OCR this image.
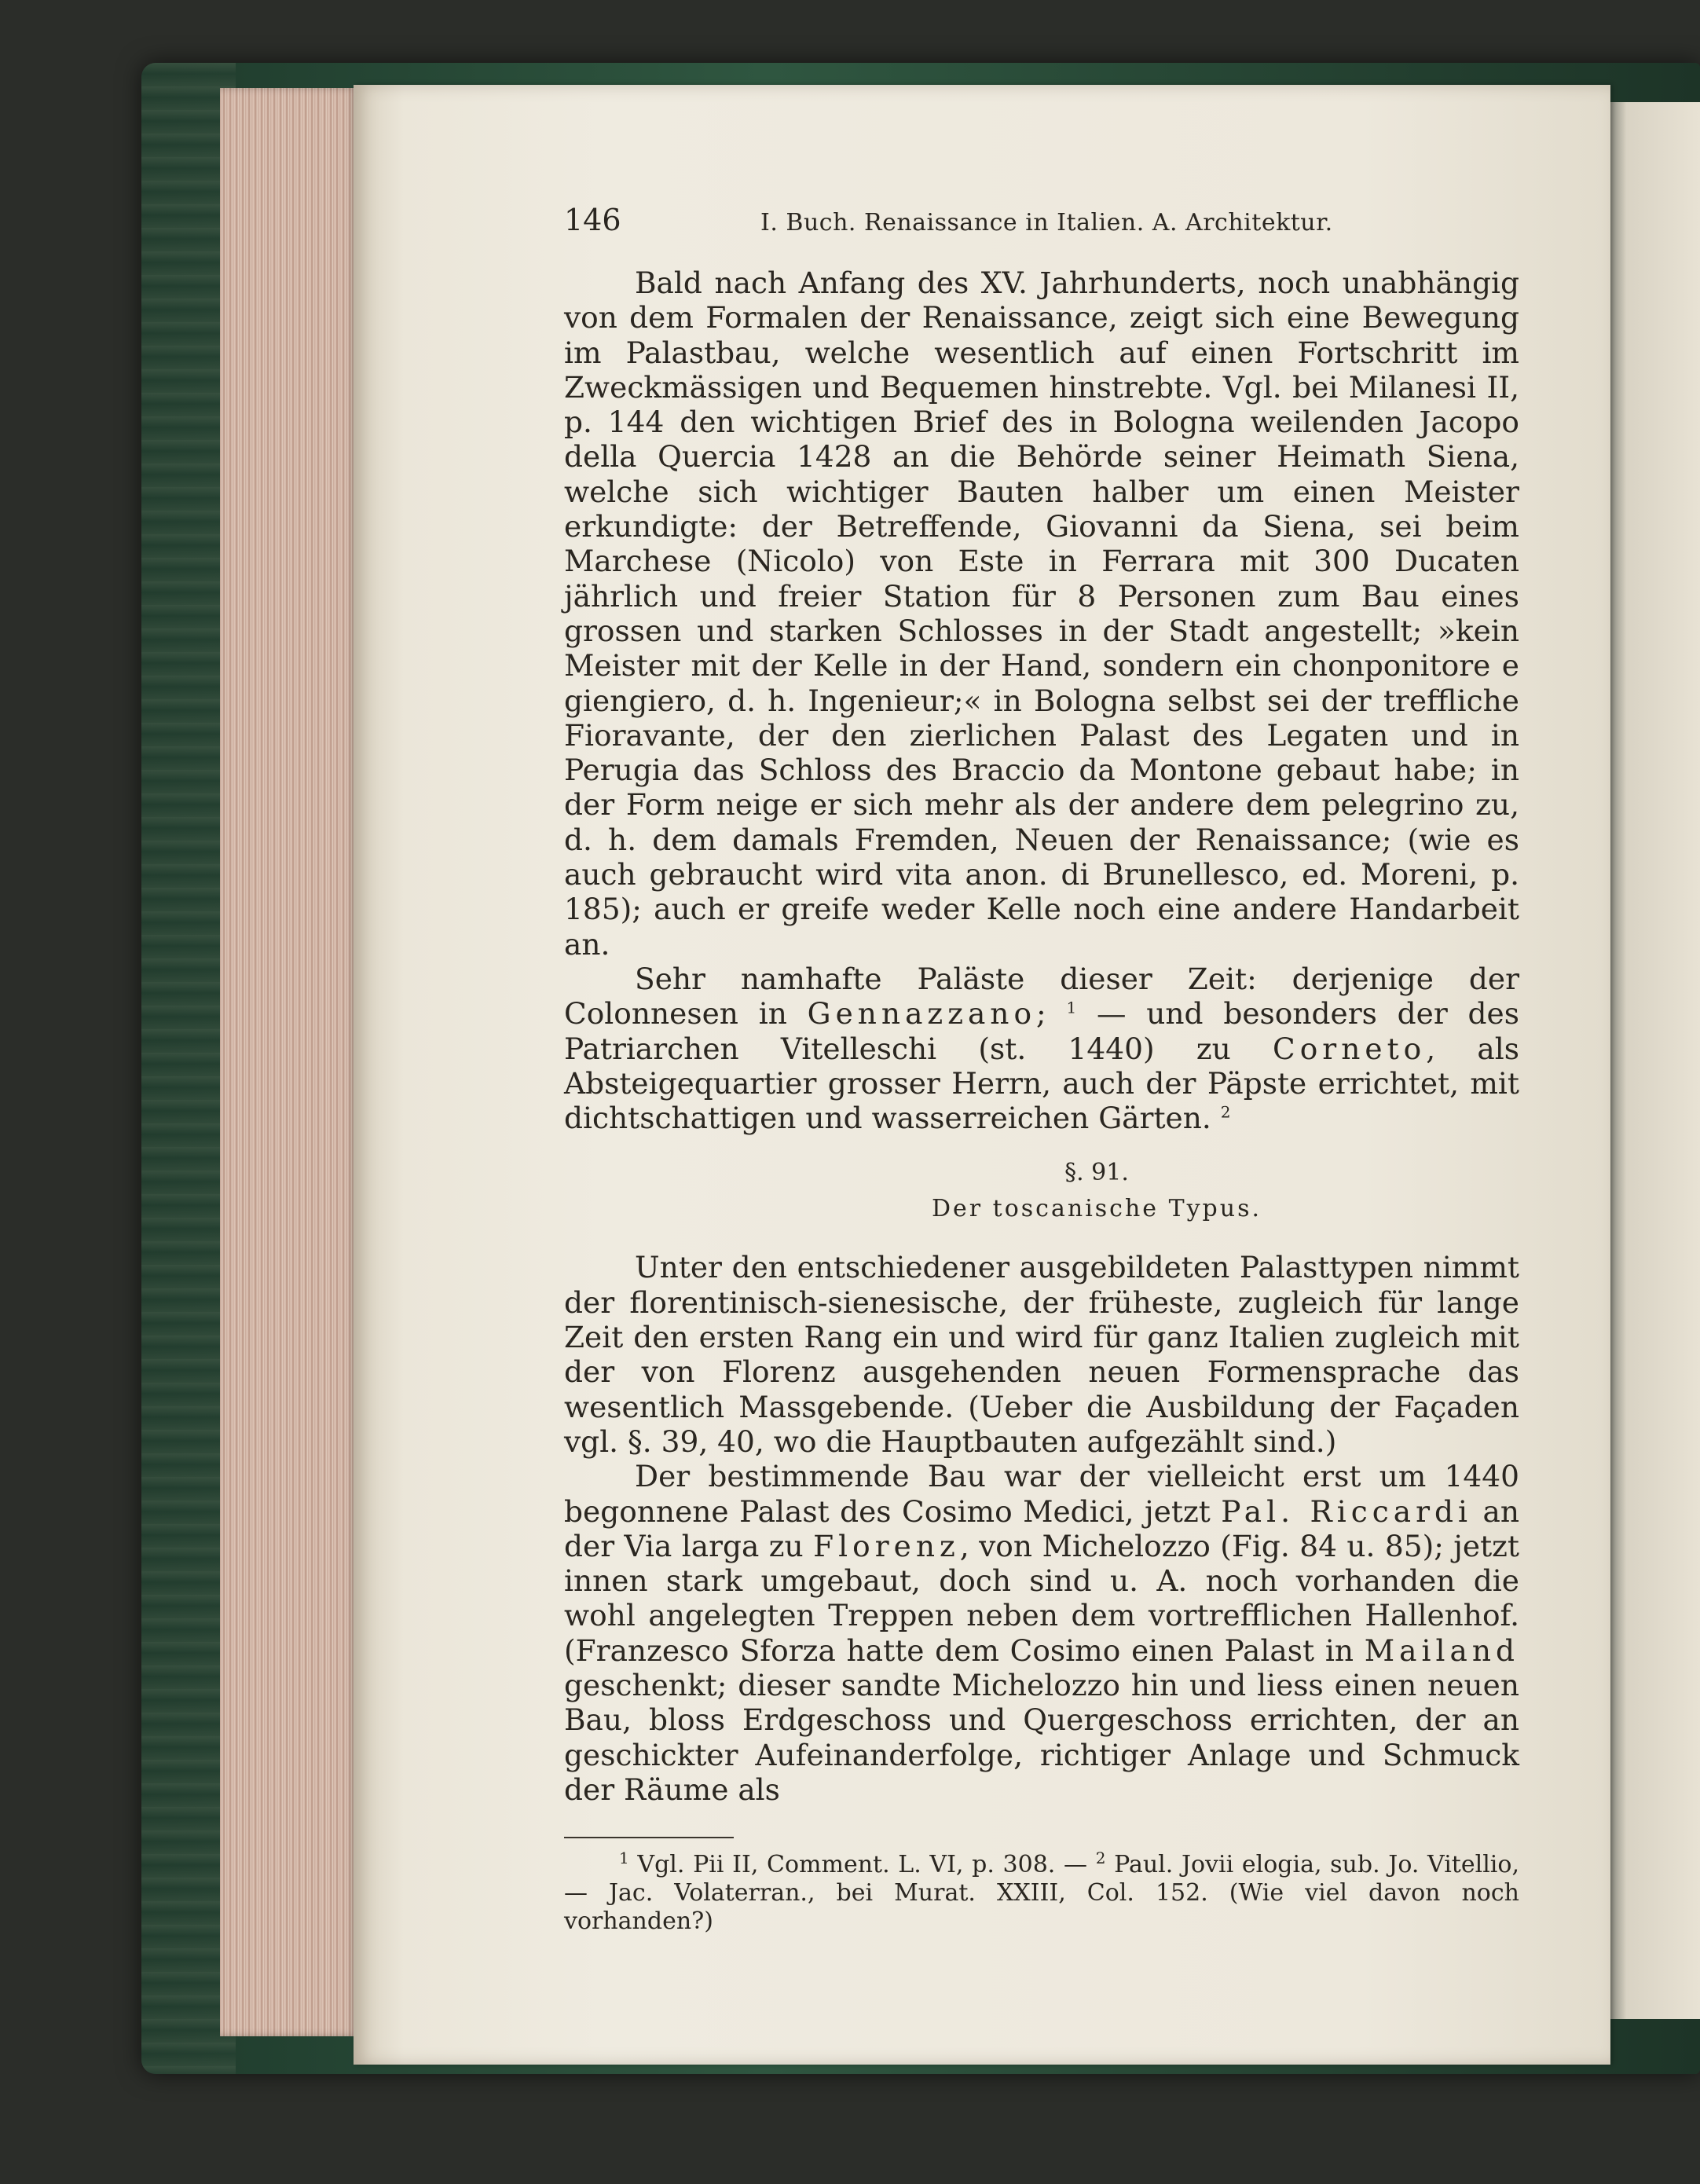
146	I. Buch. Renaissance in Italien. A. Architektur.

Bald nach Anfang des XV. Jahrhunderts, noch unabhängig von dem Formalen der Renaissance, zeigt sich eine Bewegung im Palastbau, welche wesentlich auf einen Fortschritt im Zweckmässigen und Bequemen hinstrebte. Vgl. bei Milanesi II, p. 144 den wichtigen Brief des in Bologna weilenden Jacopo della Quercia 1428 an die Behörde seiner Heimath Siena, welche sich wichtiger Bauten halber um einen Meister erkundigte: der Betreffende, Giovanni da Siena, sei beim Marchese (Nicolo) von Este in Ferrara mit 300 Ducaten jährlich und freier Station für 8 Personen zum Bau eines grossen und starken Schlosses in der Stadt angestellt; »kein Meister mit der Kelle in der Hand, sondern ein chonponitore e giengiero, d. h. Ingenieur;« in Bologna selbst sei der treffliche Fioravante, der den zierlichen Palast des Legaten und in Perugia das Schloss des Braccio da Montone gebaut habe; in der Form neige er sich mehr als der andere dem pelegrino zu, d. h. dem damals Fremden, Neuen der Renaissance; (wie es auch gebraucht wird vita anon. di Brunellesco, ed. Moreni, p. 185); auch er greife weder Kelle noch eine andere Handarbeit an.

Sehr namhafte Paläste dieser Zeit: derjenige der Colonnesen in Gennazzano; $^1$ — und besonders der des Patriarchen Vitelleschi (st. 1440) zu Corneto, als Absteigequartier grosser Herrn, auch der Päpste errichtet, mit dichtschattigen und wasserreichen Gärten. $^2$

§. 91.
Der toscanische Typus.

Unter den entschiedener ausgebildeten Palasttypen nimmt der florentinisch-sienesische, der früheste, zugleich für lange Zeit den ersten Rang ein und wird für ganz Italien zugleich mit der von Florenz ausgehenden neuen Formensprache das wesentlich Massgebende. (Ueber die Ausbildung der Façaden vgl. §. 39, 40, wo die Hauptbauten aufgezählt sind.)

Der bestimmende Bau war der vielleicht erst um 1440 begonnene Palast des Cosimo Medici, jetzt Pal. Riccardi an der Via larga zu Florenz, von Michelozzo (Fig. 84 u. 85); jetzt innen stark umgebaut, doch sind u. A. noch vorhanden die wohl angelegten Treppen neben dem vortrefflichen Hallenhof. (Franzesco Sforza hatte dem Cosimo einen Palast in Mailand geschenkt; dieser sandte Michelozzo hin und liess einen neuen Bau, bloss Erdgeschoss und Quergeschoss errichten, der an geschickter Aufeinanderfolge, richtiger Anlage und Schmuck der Räume als

$^1$ Vgl. Pii II, Comment. L. VI, p. 308. — $^2$ Paul. Jovii elogia, sub. Jo. Vitellio, — Jac. Volaterran., bei Murat. XXIII, Col. 152. (Wie viel davon noch vorhanden?)
